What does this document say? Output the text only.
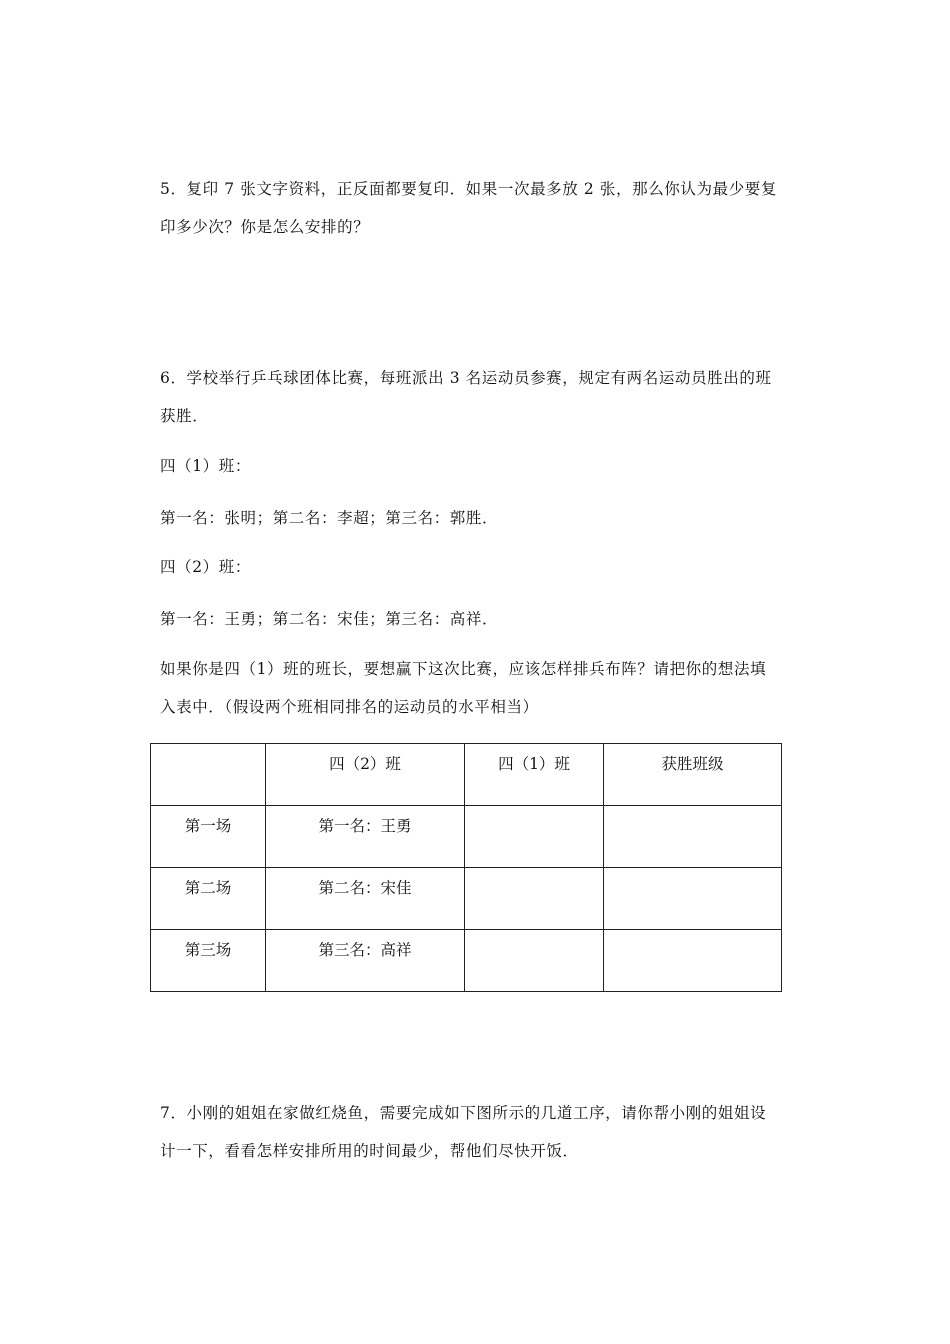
5．复印 7 张文字资料，正反面都要复印．如果一次最多放 2 张，那么你认为最少要复
印多少次？你是怎么安排的？
6．学校举行乒乓球团体比赛，每班派出 3 名运动员参赛，规定有两名运动员胜出的班
获胜．
四（1）班：
第一名：张明；第二名：李超；第三名：郭胜．
四（2）班：
第一名：王勇；第二名：宋佳；第三名：高祥．
如果你是四（1）班的班长，要想赢下这次比赛，应该怎样排兵布阵？请把你的想法填
入表中．（假设两个班相同排名的运动员的水平相当）
	四（2）班	四（1）班	获胜班级
第一场	第一名：王勇		
第二场	第二名：宋佳		
第三场	第三名：高祥		
7．小刚的姐姐在家做红烧鱼，需要完成如下图所示的几道工序，请你帮小刚的姐姐设
计一下，看看怎样安排所用的时间最少，帮他们尽快开饭．
